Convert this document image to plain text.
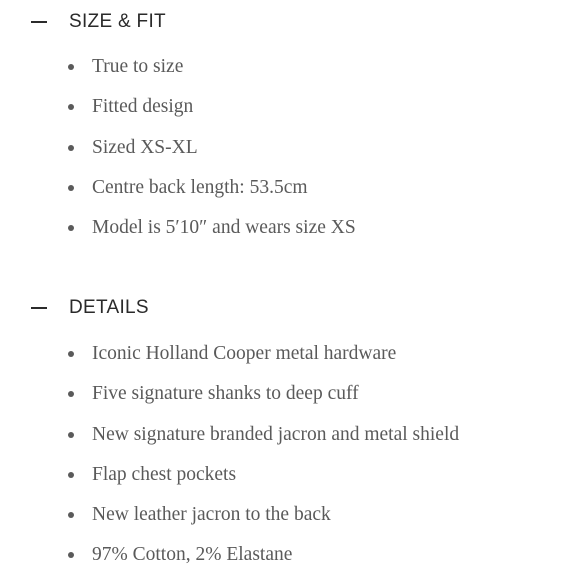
SIZE & FIT
True to size
Fitted design
Sized XS-XL
Centre back length: 53.5cm
Model is 5′10″ and wears size XS
DETAILS
Iconic Holland Cooper metal hardware
Five signature shanks to deep cuff
New signature branded jacron and metal shield
Flap chest pockets
New leather jacron to the back
97% Cotton, 2% Elastane
